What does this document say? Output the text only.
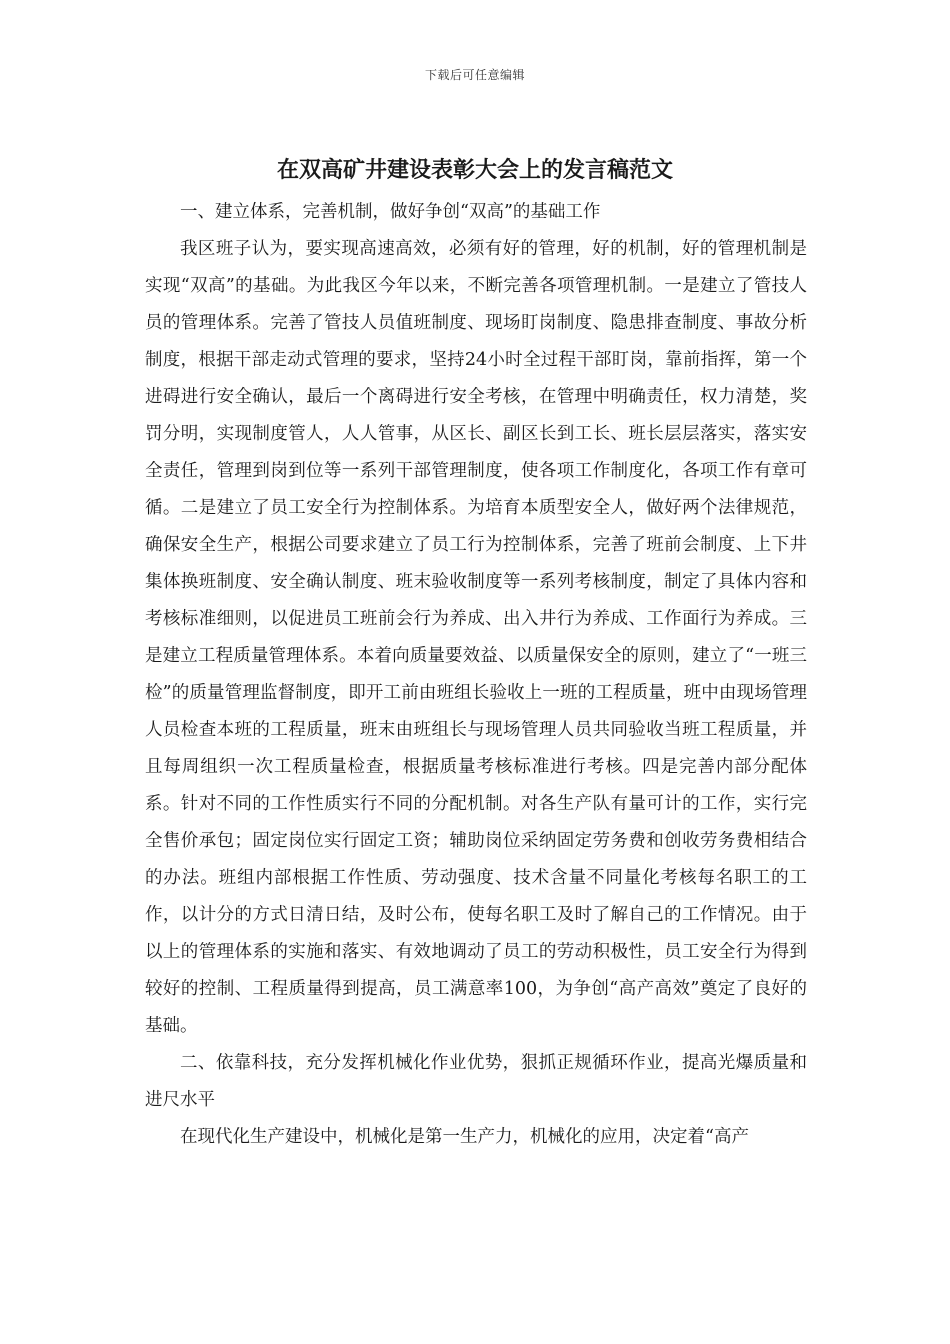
下载后可任意编辑
在双高矿井建设表彰大会上的发言稿范文

一、建立体系，完善机制，做好争创“双高”的基础工作

我区班子认为，要实现高速高效，必须有好的管理，好的机制，好的管理机制是实现“双高”的基础。为此我区今年以来，不断完善各项管理机制。一是建立了管技人员的管理体系。完善了管技人员值班制度、现场盯岗制度、隐患排查制度、事故分析制度，根据干部走动式管理的要求，坚持24小时全过程干部盯岗，靠前指挥，第一个进碍进行安全确认，最后一个离碍进行安全考核，在管理中明确责任，权力清楚，奖罚分明，实现制度管人，人人管事，从区长、副区长到工长、班长层层落实，落实安全责任，管理到岗到位等一系列干部管理制度，使各项工作制度化，各项工作有章可循。二是建立了员工安全行为控制体系。为培育本质型安全人，做好两个法律规范，确保安全生产，根据公司要求建立了员工行为控制体系，完善了班前会制度、上下井集体换班制度、安全确认制度、班末验收制度等一系列考核制度，制定了具体内容和考核标准细则，以促进员工班前会行为养成、出入井行为养成、工作面行为养成。三是建立工程质量管理体系。本着向质量要效益、以质量保安全的原则，建立了“一班三检”的质量管理监督制度，即开工前由班组长验收上一班的工程质量，班中由现场管理人员检查本班的工程质量，班末由班组长与现场管理人员共同验收当班工程质量，并且每周组织一次工程质量检查，根据质量考核标准进行考核。四是完善内部分配体系。针对不同的工作性质实行不同的分配机制。对各生产队有量可计的工作，实行完全售价承包；固定岗位实行固定工资；辅助岗位采纳固定劳务费和创收劳务费相结合的办法。班组内部根据工作性质、劳动强度、技术含量不同量化考核每名职工的工作，以计分的方式日清日结，及时公布，使每名职工及时了解自己的工作情况。由于以上的管理体系的实施和落实、有效地调动了员工的劳动积极性，员工安全行为得到较好的控制、工程质量得到提高，员工满意率100，为争创“高产高效”奠定了良好的基础。

二、依靠科技，充分发挥机械化作业优势，狠抓正规循环作业，提高光爆质量和进尺水平

在现代化生产建设中，机械化是第一生产力，机械化的应用，决定着“高产
